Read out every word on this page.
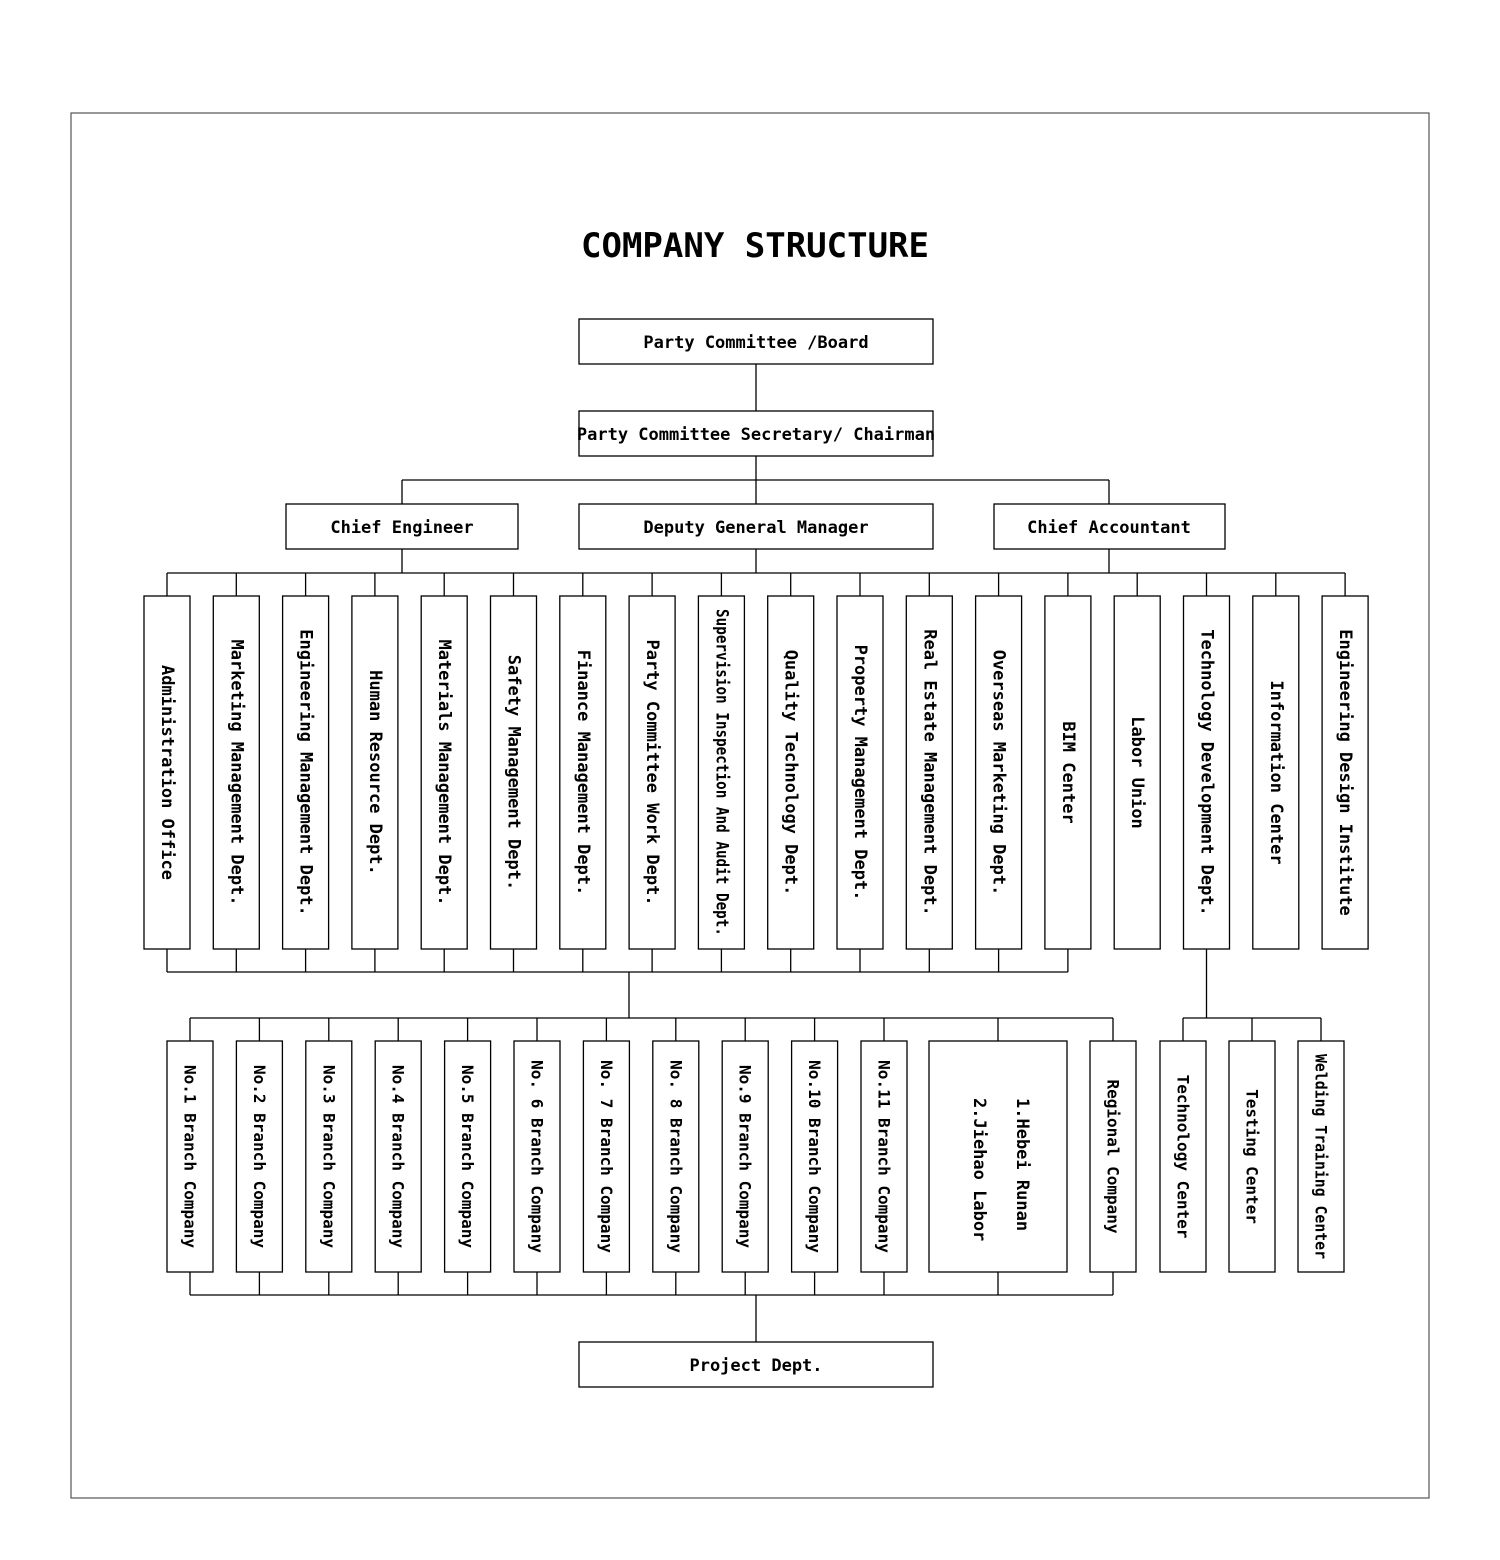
COMPANY STRUCTURE
Party Committee /Board
Party Committee Secretary/ Chairman
Chief Engineer	Deputy General Manager	Chief Accountant
Administration Office	Marketing Management Dept.	Engineering Management Dept.	Human Resource Dept.	Materials Management Dept.	Safety Management Dept.	Finance Management Dept.	Party Committee Work Dept.	Supervision Inspection And Audit Dept.	Quality Technology Dept.	Property Management Dept.	Real Estate Management Dept.	Overseas Marketing Dept.	BIM Center	Labor Union	Technology Development Dept.	Information Center	Engineering Design Institute
No.1 Branch Company	No.2 Branch Company	No.3 Branch Company	No.4 Branch Company	No.5 Branch Company	No. 6 Branch Company	No. 7 Branch Company	No. 8 Branch Company	No.9 Branch Company	No.10 Branch Company	No.11 Branch Company	1.Hebei Runan
2.Jiehao Labor	Regional Company	Technology Center	Testing Center	Welding Training Center
Project Dept.
